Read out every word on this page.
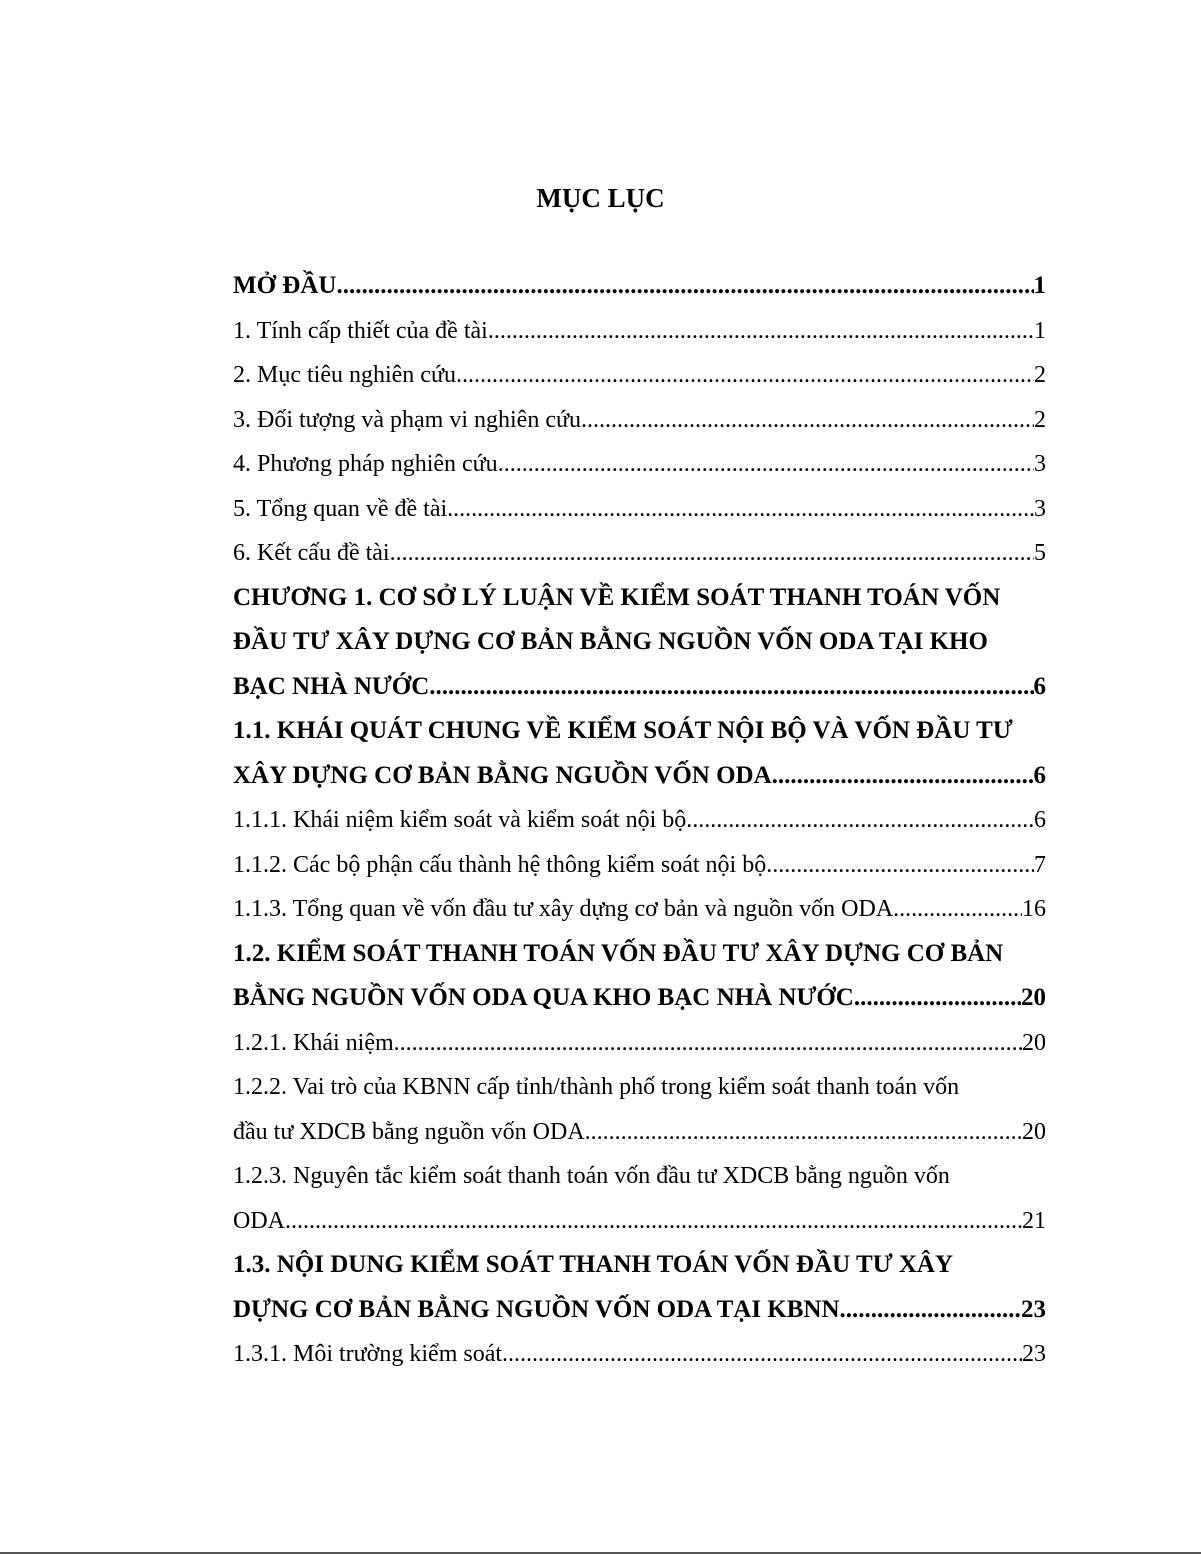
MỤC LỤC
MỞ ĐẦU .....	1
1. Tính cấp thiết của đề tài .....	1
2. Mục tiêu nghiên cứu .....	2
3. Đối tượng và phạm vi nghiên cứu .....	2
4. Phương pháp nghiên cứu .....	3
5. Tổng quan về đề tài .....	3
6. Kết cấu đề tài .....	5
CHƯƠNG 1. CƠ SỞ LÝ LUẬN VỀ KIỂM SOÁT THANH TOÁN VỐN
ĐẦU TƯ XÂY DỰNG CƠ BẢN BẰNG NGUỒN VỐN ODA TẠI KHO
BẠC NHÀ NƯỚC .....	6
1.1. KHÁI QUÁT CHUNG VỀ KIỂM SOÁT NỘI BỘ VÀ VỐN ĐẦU TƯ
XÂY DỰNG CƠ BẢN BẰNG NGUỒN VỐN ODA .....	6
1.1.1. Khái niệm kiểm soát và kiểm soát nội bộ .....	6
1.1.2. Các bộ phận cấu thành hệ thông kiểm soát nội bộ .....	7
1.1.3. Tổng quan về vốn đầu tư xây dựng cơ bản và nguồn vốn ODA .....	16
1.2. KIỂM SOÁT THANH TOÁN VỐN ĐẦU TƯ XÂY DỰNG CƠ BẢN
BẰNG NGUỒN VỐN ODA QUA KHO BẠC NHÀ NƯỚC .....	20
1.2.1. Khái niệm .....	20
1.2.2. Vai trò của KBNN cấp tỉnh/thành phố trong kiểm soát thanh toán vốn
đầu tư XDCB bằng nguồn vốn ODA .....	20
1.2.3. Nguyên tắc kiểm soát thanh toán vốn đầu tư XDCB bằng nguồn vốn
ODA .....	21
1.3. NỘI DUNG KIỂM SOÁT THANH TOÁN VỐN ĐẦU TƯ XÂY
DỰNG CƠ BẢN BẰNG NGUỒN VỐN ODA TẠI KBNN .....	23
1.3.1. Môi trường kiểm soát .....	23
